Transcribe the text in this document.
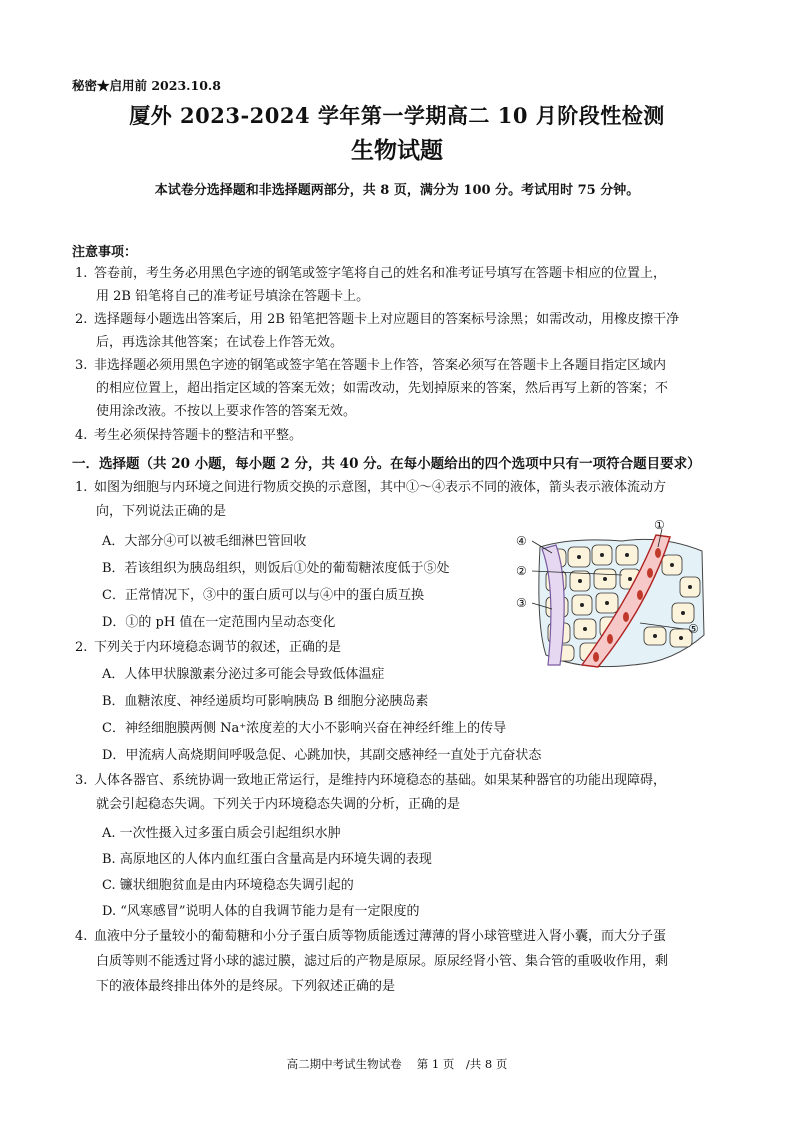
秘密★启用前 2023.10.8
厦外 2023-2024 学年第一学期高二 10 月阶段性检测
生物试题
本试卷分选择题和非选择题两部分，共 8 页，满分为 100 分。考试用时 75 分钟。
注意事项：
1. 答卷前，考生务必用黑色字迹的钢笔或签字笔将自己的姓名和准考证号填写在答题卡相应的位置上，
用 2B 铅笔将自己的准考证号填涂在答题卡上。
2. 选择题每小题选出答案后，用 2B 铅笔把答题卡上对应题目的答案标号涂黑；如需改动，用橡皮擦干净
后，再选涂其他答案；在试卷上作答无效。
3. 非选择题必须用黑色字迹的钢笔或签字笔在答题卡上作答，答案必须写在答题卡上各题目指定区域内
的相应位置上，超出指定区域的答案无效；如需改动，先划掉原来的答案，然后再写上新的答案；不
使用涂改液。不按以上要求作答的答案无效。
4. 考生必须保持答题卡的整洁和平整。
一．选择题（共 20 小题，每小题 2 分，共 40 分。在每小题给出的四个选项中只有一项符合题目要求）
1. 如图为细胞与内环境之间进行物质交换的示意图，其中①～④表示不同的液体，箭头表示液体流动方
向，下列说法正确的是
A．大部分④可以被毛细淋巴管回收
B．若该组织为胰岛组织，则饭后①处的葡萄糖浓度低于⑤处
C．正常情况下，③中的蛋白质可以与④中的蛋白质互换
D．①的 pH 值在一定范围内呈动态变化
①
②
③
④
⑤
2. 下列关于内环境稳态调节的叙述，正确的是
A．人体甲状腺激素分泌过多可能会导致低体温症
B．血糖浓度、神经递质均可影响胰岛 B 细胞分泌胰岛素
C．神经细胞膜两侧 Na⁺浓度差的大小不影响兴奋在神经纤维上的传导
D．甲流病人高烧期间呼吸急促、心跳加快，其副交感神经一直处于亢奋状态
3. 人体各器官、系统协调一致地正常运行，是维持内环境稳态的基础。如果某种器官的功能出现障碍，
就会引起稳态失调。下列关于内环境稳态失调的分析，正确的是
A. 一次性摄入过多蛋白质会引起组织水肿
B. 高原地区的人体内血红蛋白含量高是内环境失调的表现
C. 镰状细胞贫血是由内环境稳态失调引起的
D. “风寒感冒”说明人体的自我调节能力是有一定限度的
4. 血液中分子量较小的葡萄糖和小分子蛋白质等物质能透过薄薄的肾小球管壁进入肾小囊，而大分子蛋
白质等则不能透过肾小球的滤过膜，滤过后的产物是原尿。原尿经肾小管、集合管的重吸收作用，剩
下的液体最终排出体外的是终尿。下列叙述正确的是
高二期中考试生物试卷　 第 1 页　/共 8 页
